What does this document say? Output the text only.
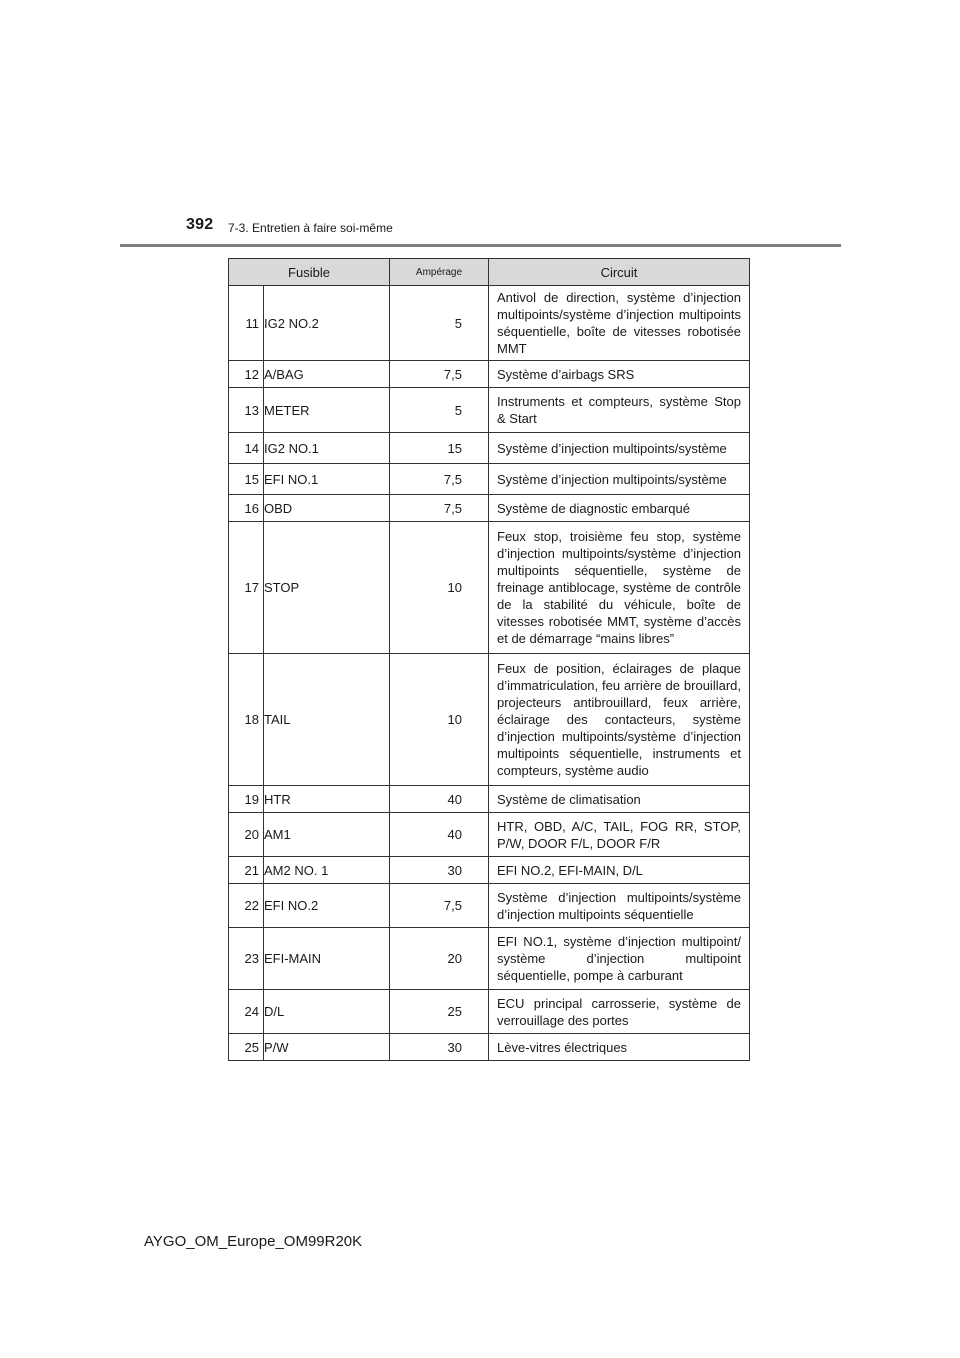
392 7-3. Entretien à faire soi-même
Fusible		Ampérage	Circuit
11	IG2 NO.2	5	Antivol de direction, système d’injection multipoints/système d’injection multipoints séquentielle, boîte de vitesses robotisée MMT
12	A/BAG	7,5	Système d’airbags SRS
13	METER	5	Instruments et compteurs, système Stop & Start
14	IG2 NO.1	15	Système d’injection multipoints/système
15	EFI NO.1	7,5	Système d’injection multipoints/système
16	OBD	7,5	Système de diagnostic embarqué
17	STOP	10	Feux stop, troisième feu stop, système d’injection multipoints/système d’injection multipoints séquentielle, système de freinage antiblocage, système de contrôle de la stabilité du véhicule, boîte de vitesses robotisée MMT, système d’accès et de démarrage “mains libres”
18	TAIL	10	Feux de position, éclairages de plaque d’immatriculation, feu arrière de brouillard, projecteurs antibrouillard, feux arrière, éclairage des contacteurs, système d’injection multipoints/système d’injection multipoints séquentielle, instruments et compteurs, système audio
19	HTR	40	Système de climatisation
20	AM1	40	HTR, OBD, A/C, TAIL, FOG RR, STOP, P/W, DOOR F/L, DOOR F/R
21	AM2 NO. 1	30	EFI NO.2, EFI-MAIN, D/L
22	EFI NO.2	7,5	Système d’injection multipoints/système d’injection multipoints séquentielle
23	EFI-MAIN	20	EFI NO.1, système d’injection multipoint/ système d’injection multipoint séquentielle, pompe à carburant
24	D/L	25	ECU principal carrosserie, système de verrouillage des portes
25	P/W	30	Lève-vitres électriques
AYGO_OM_Europe_OM99R20K
